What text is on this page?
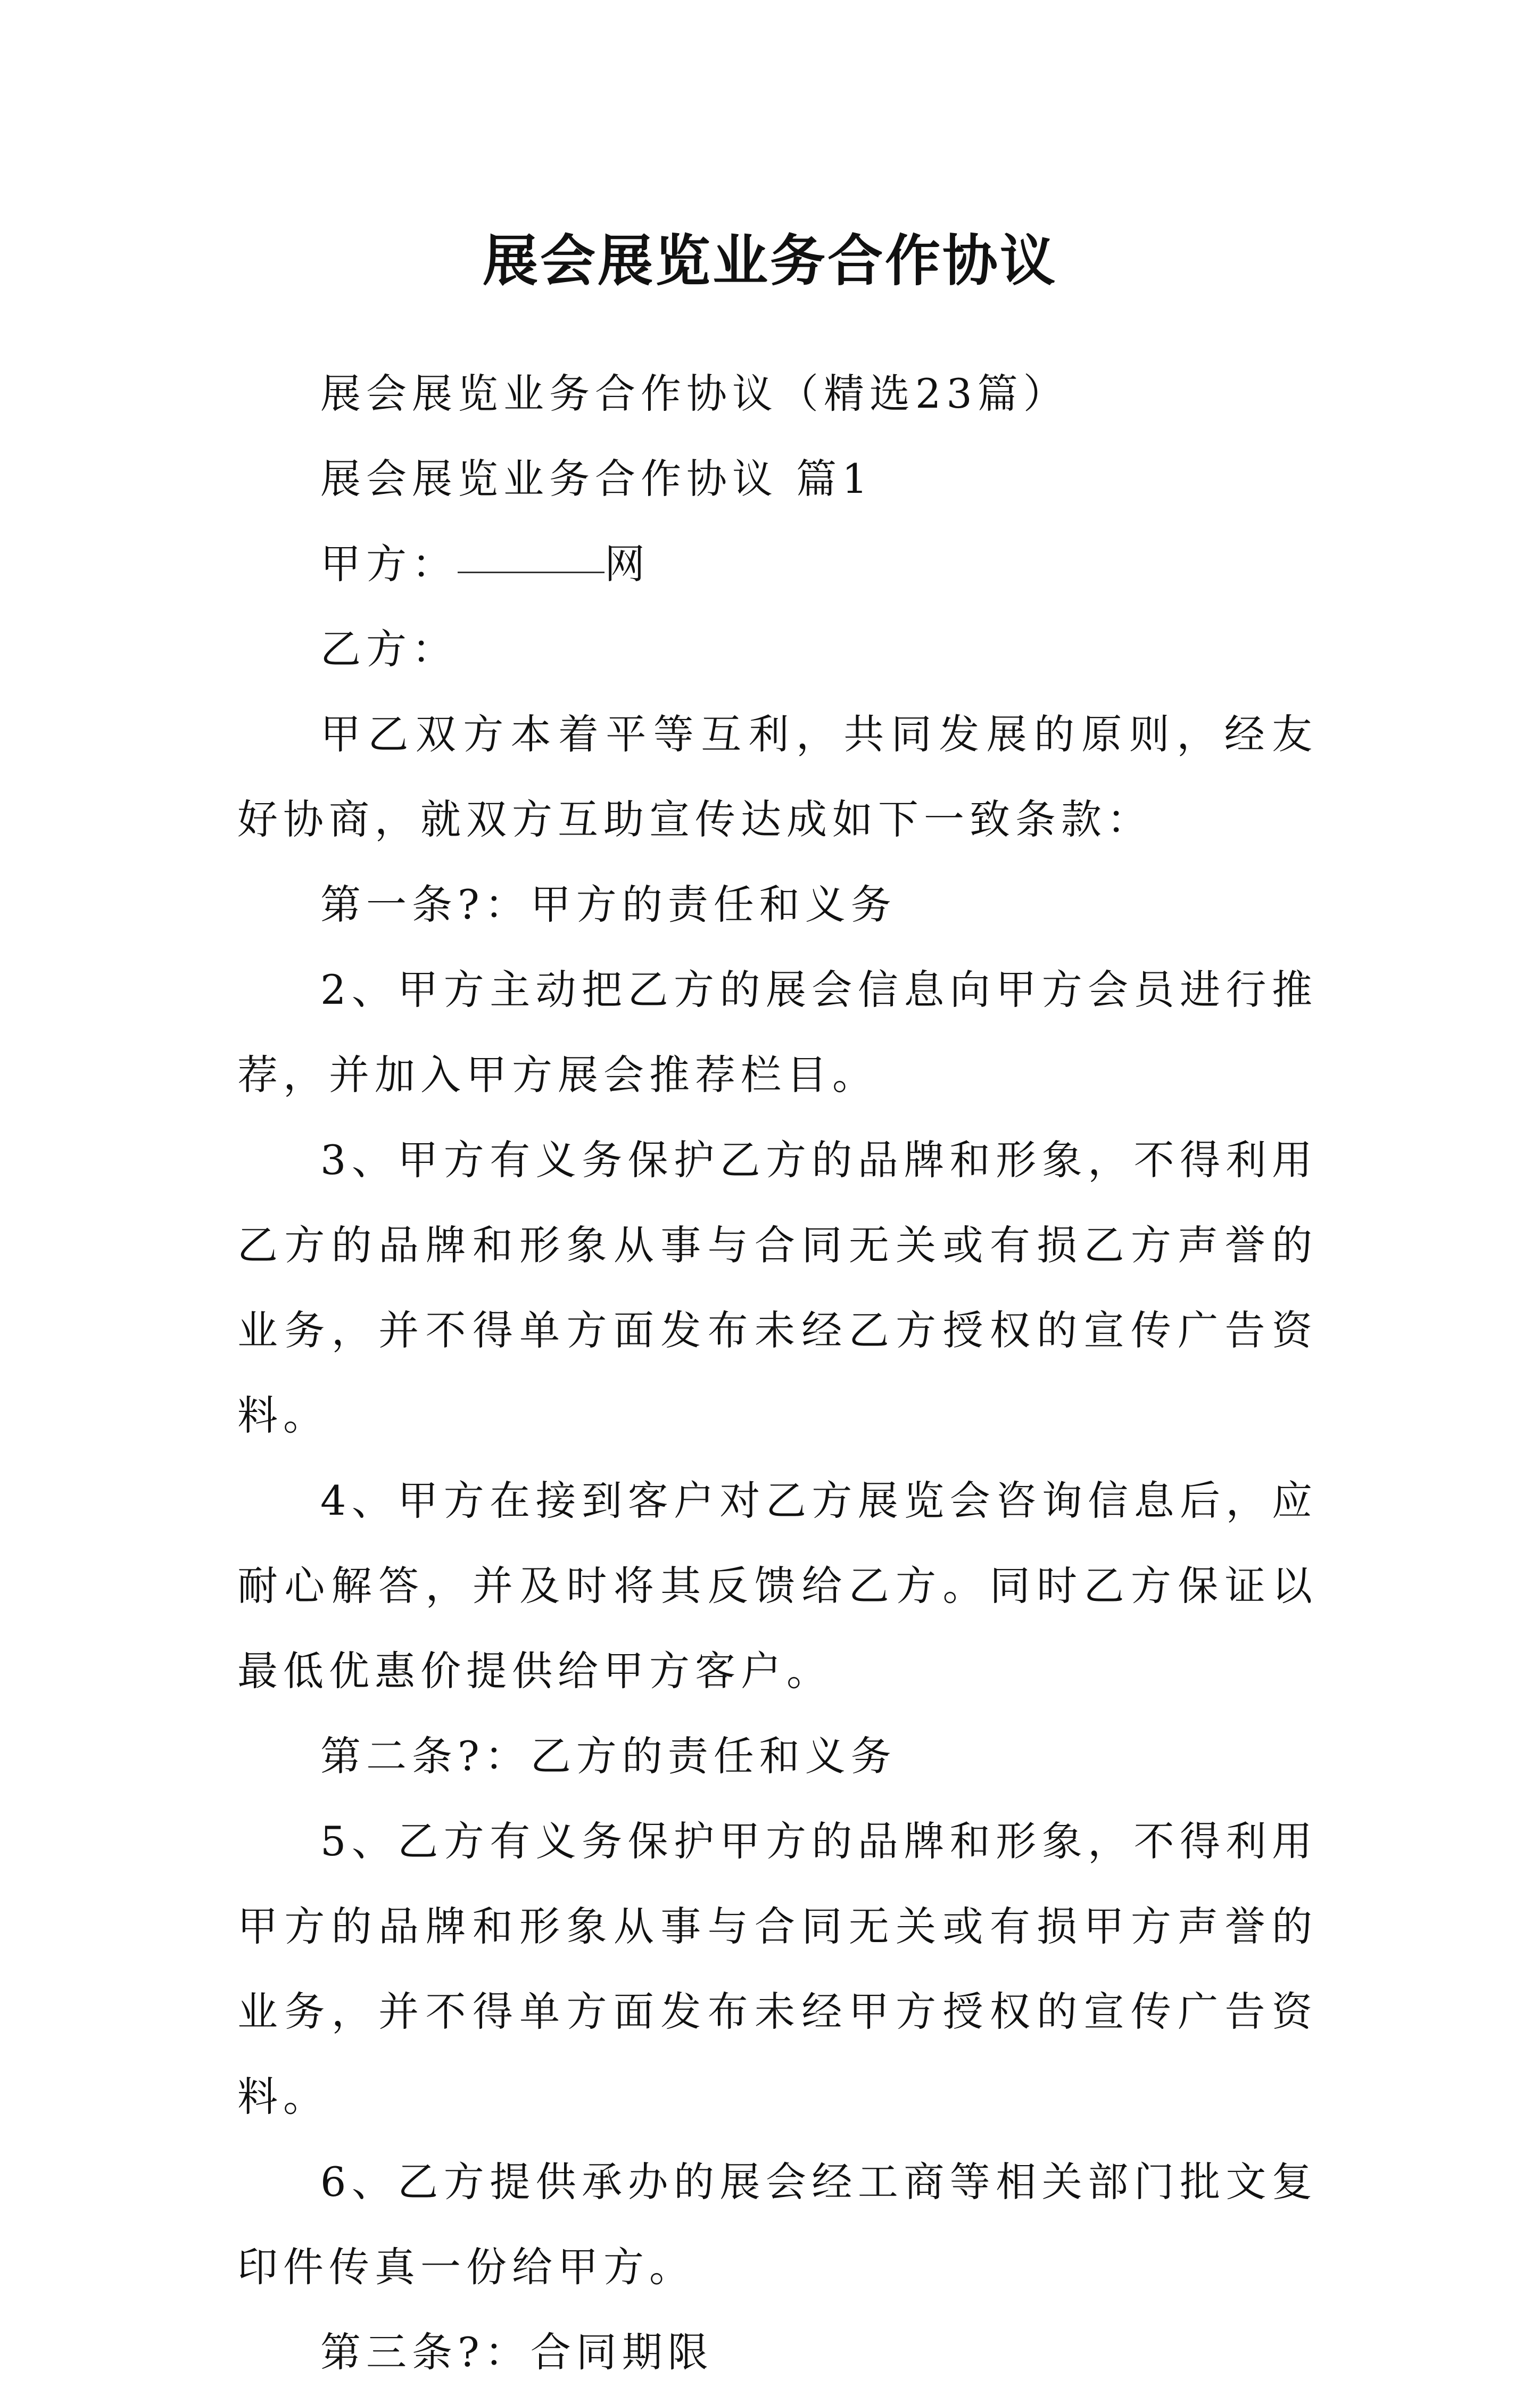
展会展览业务合作协议

展会展览业务合作协议（精选23篇）

展会展览业务合作协议 篇1

甲方：	网

乙方：

甲乙双方本着平等互利，共同发展的原则，经友好协商，就双方互助宣传达成如下一致条款：

第一条?：甲方的责任和义务

2、甲方主动把乙方的展会信息向甲方会员进行推荐，并加入甲方展会推荐栏目。

3、甲方有义务保护乙方的品牌和形象，不得利用乙方的品牌和形象从事与合同无关或有损乙方声誉的业务，并不得单方面发布未经乙方授权的宣传广告资料。

4、甲方在接到客户对乙方展览会咨询信息后，应耐心解答，并及时将其反馈给乙方。同时乙方保证以最低优惠价提供给甲方客户。

第二条?：乙方的责任和义务

5、乙方有义务保护甲方的品牌和形象，不得利用甲方的品牌和形象从事与合同无关或有损甲方声誉的业务，并不得单方面发布未经甲方授权的宣传广告资料。

6、乙方提供承办的展会经工商等相关部门批文复印件传真一份给甲方。

第三条?：合同期限
